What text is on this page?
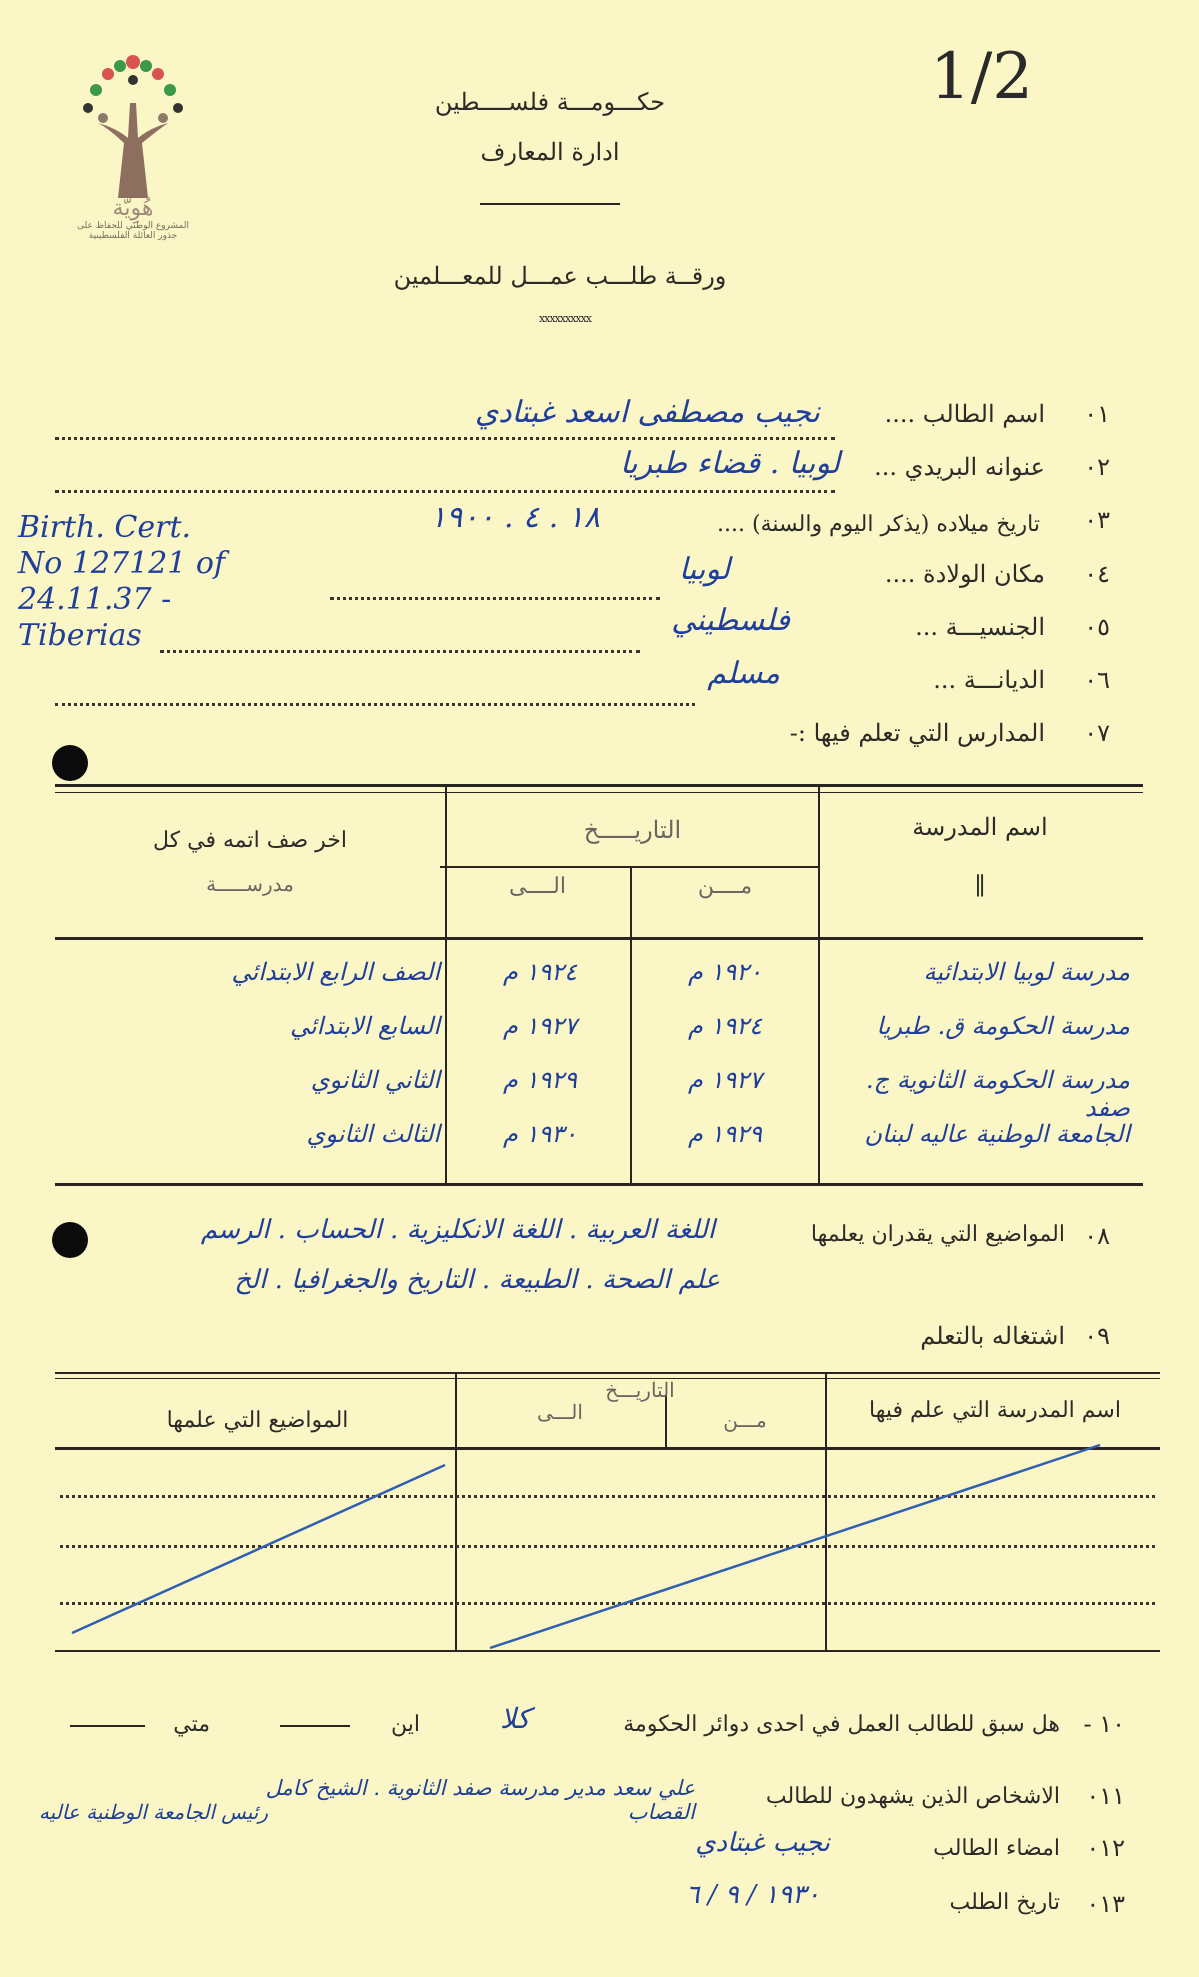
هُوِيّة
المشروع الوطني للحفاظ على
جذور العائلة الفلسطينية
1/2
حكـــومـــة فلســــطين
ادارة المعارف
ورقــة طلـــب عمـــل للمعـــلمين
xxxxxxxxxx
٠١
اسم الطالب ....
نجيب مصطفى اسعد غبتادي
٠٢
عنوانه البريدي ...
لوبيا . قضاء طبريا
٠٣
تاريخ ميلاده (يذكر اليوم والسنة) ....
١٨ . ٤ . ١٩٠٠
Birth. Cert.
No 127121 of
24.11.37 -
Tiberias
٠٤
مكان الولادة ....
لوبيا
٠٥
الجنسيـــة ...
فلسطيني
٠٦
الديانـــة ...
مسلم
٠٧
المدارس التي تعلم فيها :-
اسم المدرسة
∥
التاريـــــخ
مــــن
الــــى
اخر صف اتمه في كل
مدرســـــة
مدرسة لوبيا الابتدائية
١٩٢٠ م
١٩٢٤ م
الصف الرابع الابتدائي
مدرسة الحكومة ق. طبريا
١٩٢٤ م
١٩٢٧ م
السابع الابتدائي
مدرسة الحكومة الثانوية ج. صفد
١٩٢٧ م
١٩٢٩ م
الثاني الثانوي
الجامعة الوطنية عاليه لبنان
١٩٢٩ م
١٩٣٠ م
الثالث الثانوي
٠٨
المواضيع التي يقدران يعلمها
اللغة العربية . اللغة الانكليزية . الحساب . الرسم
علم الصحة . الطبيعة . التاريخ والجغرافيا . الخ
٠٩
اشتغاله بالتعلم
اسم المدرسة التي علم فيها
التاريـــخ
مـــن
الـــى
المواضيع التي علمها
١٠ -
هل سبق للطالب العمل في احدى دوائر الحكومة
كلا
اين
متي
٠١١
الاشخاص الذين يشهدون للطالب
علي سعد مدير مدرسة صفد الثانوية . الشيخ كامل القصاب
رئيس الجامعة الوطنية عاليه
٠١٢
امضاء الطالب
نجيب غبتادي
٠١٣
تاريخ الطلب
١٩٣٠ / ٩ / ٦
